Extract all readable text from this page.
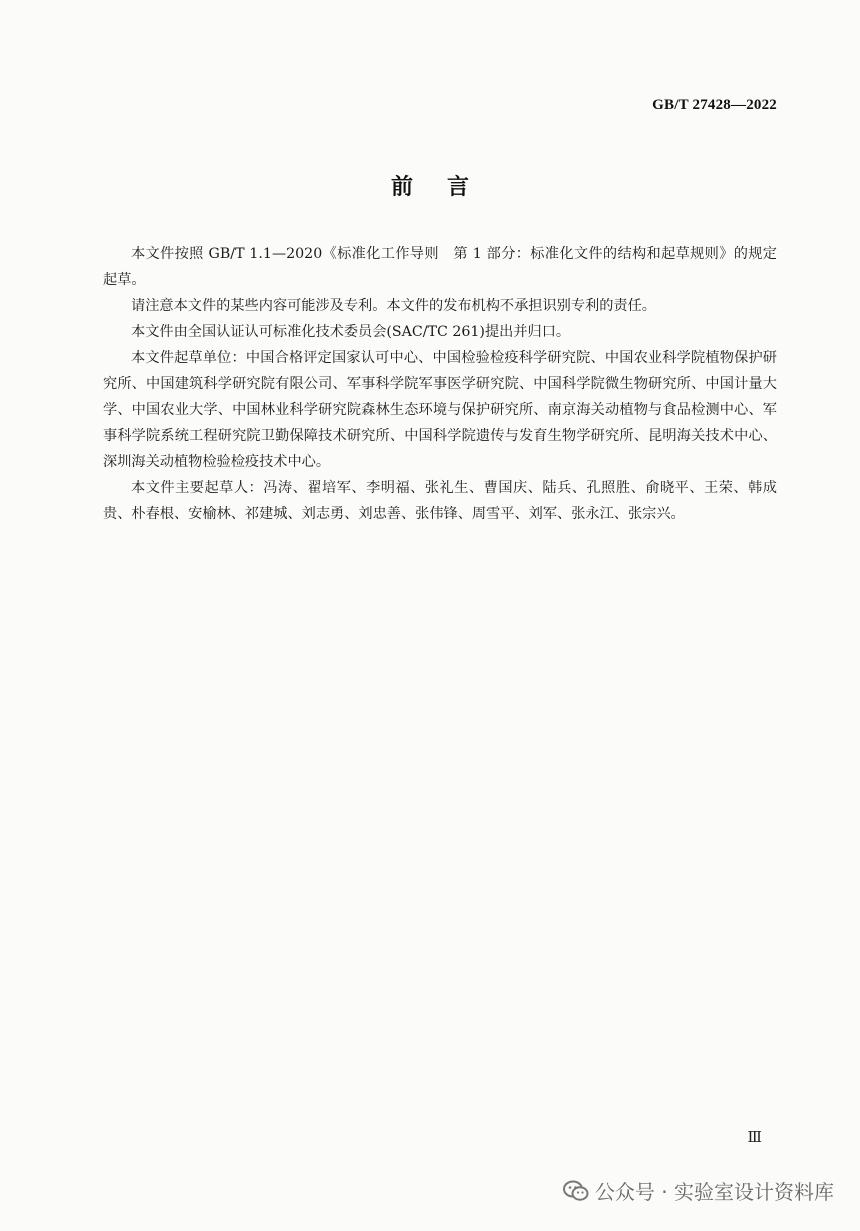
GB/T 27428—2022
前言

本文件按照 GB/T 1.1—2020《标准化工作导则　第 1 部分：标准化文件的结构和起草规则》的规定起草。

请注意本文件的某些内容可能涉及专利。本文件的发布机构不承担识别专利的责任。

本文件由全国认证认可标准化技术委员会(SAC/TC 261)提出并归口。

本文件起草单位：中国合格评定国家认可中心、中国检验检疫科学研究院、中国农业科学院植物保护研究所、中国建筑科学研究院有限公司、军事科学院军事医学研究院、中国科学院微生物研究所、中国计量大学、中国农业大学、中国林业科学研究院森林生态环境与保护研究所、南京海关动植物与食品检测中心、军事科学院系统工程研究院卫勤保障技术研究所、中国科学院遗传与发育生物学研究所、昆明海关技术中心、深圳海关动植物检验检疫技术中心。

本文件主要起草人：冯涛、翟培军、李明福、张礼生、曹国庆、陆兵、孔照胜、俞晓平、王荣、韩成贵、朴春根、安榆林、祁建城、刘志勇、刘忠善、张伟锋、周雪平、刘军、张永江、张宗兴。

Ⅲ
公众号 · 实验室设计资料库
